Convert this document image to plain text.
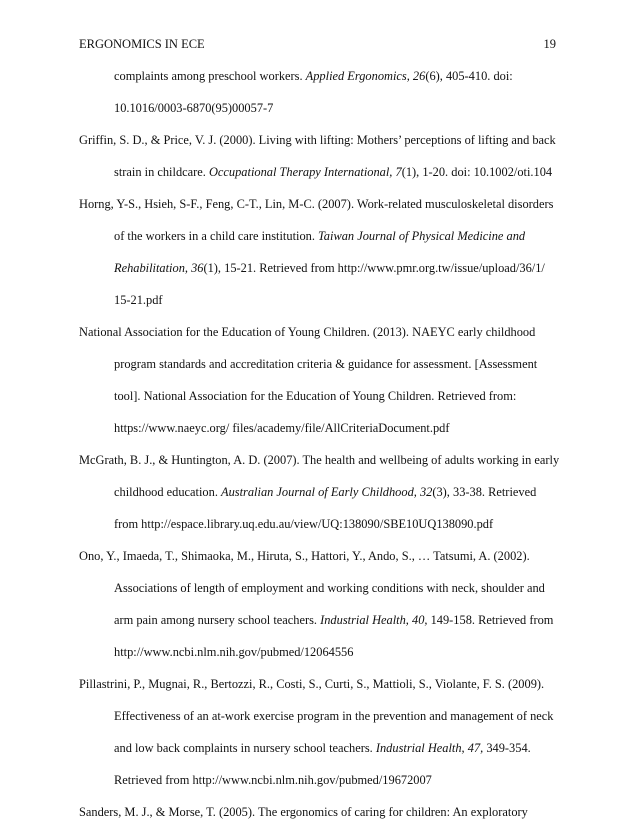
ERGONOMICS IN ECE	19
complaints among preschool workers. Applied Ergonomics, 26(6), 405-410. doi:
10.1016/0003-6870(95)00057-7
Griffin, S. D., & Price, V. J. (2000). Living with lifting: Mothers’ perceptions of lifting and back
strain in childcare. Occupational Therapy International, 7(1), 1-20. doi: 10.1002/oti.104
Horng, Y-S., Hsieh, S-F., Feng, C-T., Lin, M-C. (2007). Work-related musculoskeletal disorders
of the workers in a child care institution. Taiwan Journal of Physical Medicine and
Rehabilitation, 36(1), 15-21. Retrieved from http://www.pmr.org.tw/issue/upload/36/1/
15-21.pdf
National Association for the Education of Young Children. (2013). NAEYC early childhood
program standards and accreditation criteria & guidance for assessment. [Assessment
tool]. National Association for the Education of Young Children. Retrieved from:
https://www.naeyc.org/ files/academy/file/AllCriteriaDocument.pdf
McGrath, B. J., & Huntington, A. D. (2007). The health and wellbeing of adults working in early
childhood education. Australian Journal of Early Childhood, 32(3), 33-38. Retrieved
from http://espace.library.uq.edu.au/view/UQ:138090/SBE10UQ138090.pdf
Ono, Y., Imaeda, T., Shimaoka, M., Hiruta, S., Hattori, Y., Ando, S., … Tatsumi, A. (2002).
Associations of length of employment and working conditions with neck, shoulder and
arm pain among nursery school teachers. Industrial Health, 40, 149-158. Retrieved from
http://www.ncbi.nlm.nih.gov/pubmed/12064556
Pillastrini, P., Mugnai, R., Bertozzi, R., Costi, S., Curti, S., Mattioli, S., Violante, F. S. (2009).
Effectiveness of an at-work exercise program in the prevention and management of neck
and low back complaints in nursery school teachers. Industrial Health, 47, 349-354.
Retrieved from http://www.ncbi.nlm.nih.gov/pubmed/19672007
Sanders, M. J., & Morse, T. (2005). The ergonomics of caring for children: An exploratory
